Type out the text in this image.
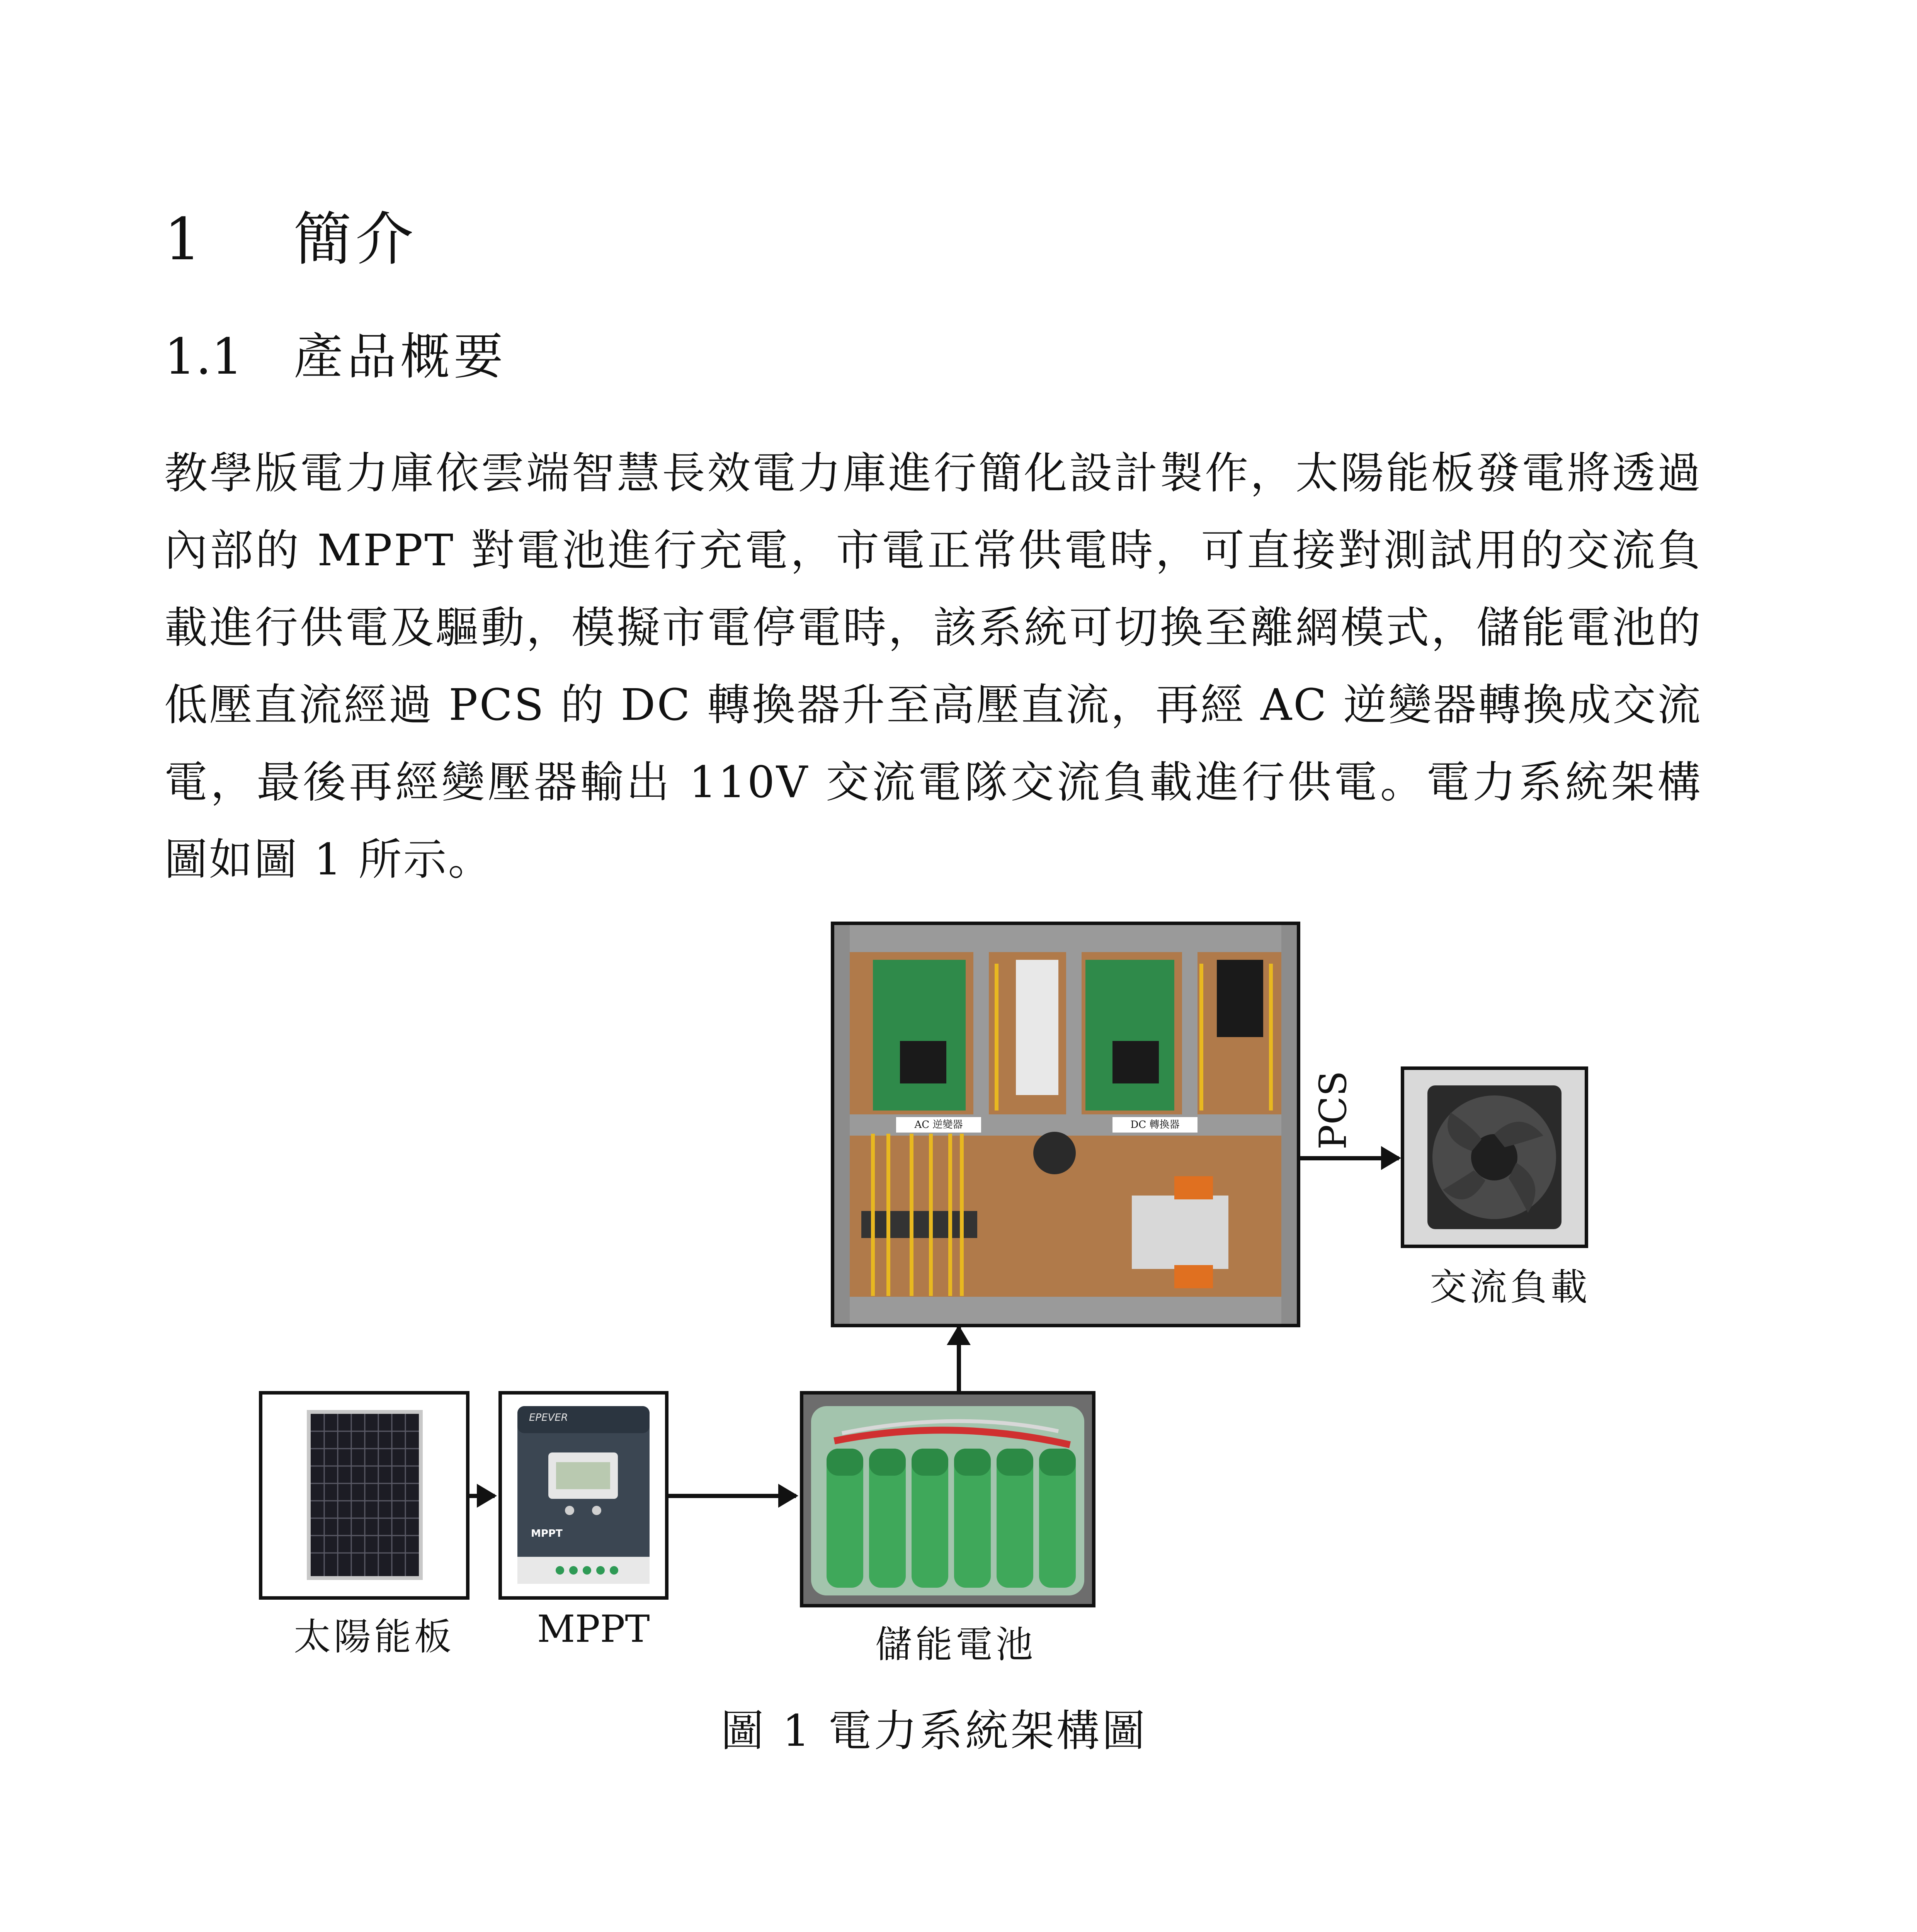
1 簡介
1.1 產品概要
教學版電力庫依雲端智慧長效電力庫進行簡化設計製作，太陽能板發電將透過內部的 MPPT 對電池進行充電，市電正常供電時，可直接對測試用的交流負載進行供電及驅動，模擬市電停電時，該系統可切換至離網模式，儲能電池的低壓直流經過 PCS 的 DC 轉換器升至高壓直流，再經 AC 逆變器轉換成交流電，最後再經變壓器輸出 110V 交流電隊交流負載進行供電。電力系統架構圖如圖 1 所示。
AC 逆變器	DC 轉換器	PCS
交流負載
太陽能板
EPEVER
MPPT
MPPT	儲能電池
圖 1 電力系統架構圖
